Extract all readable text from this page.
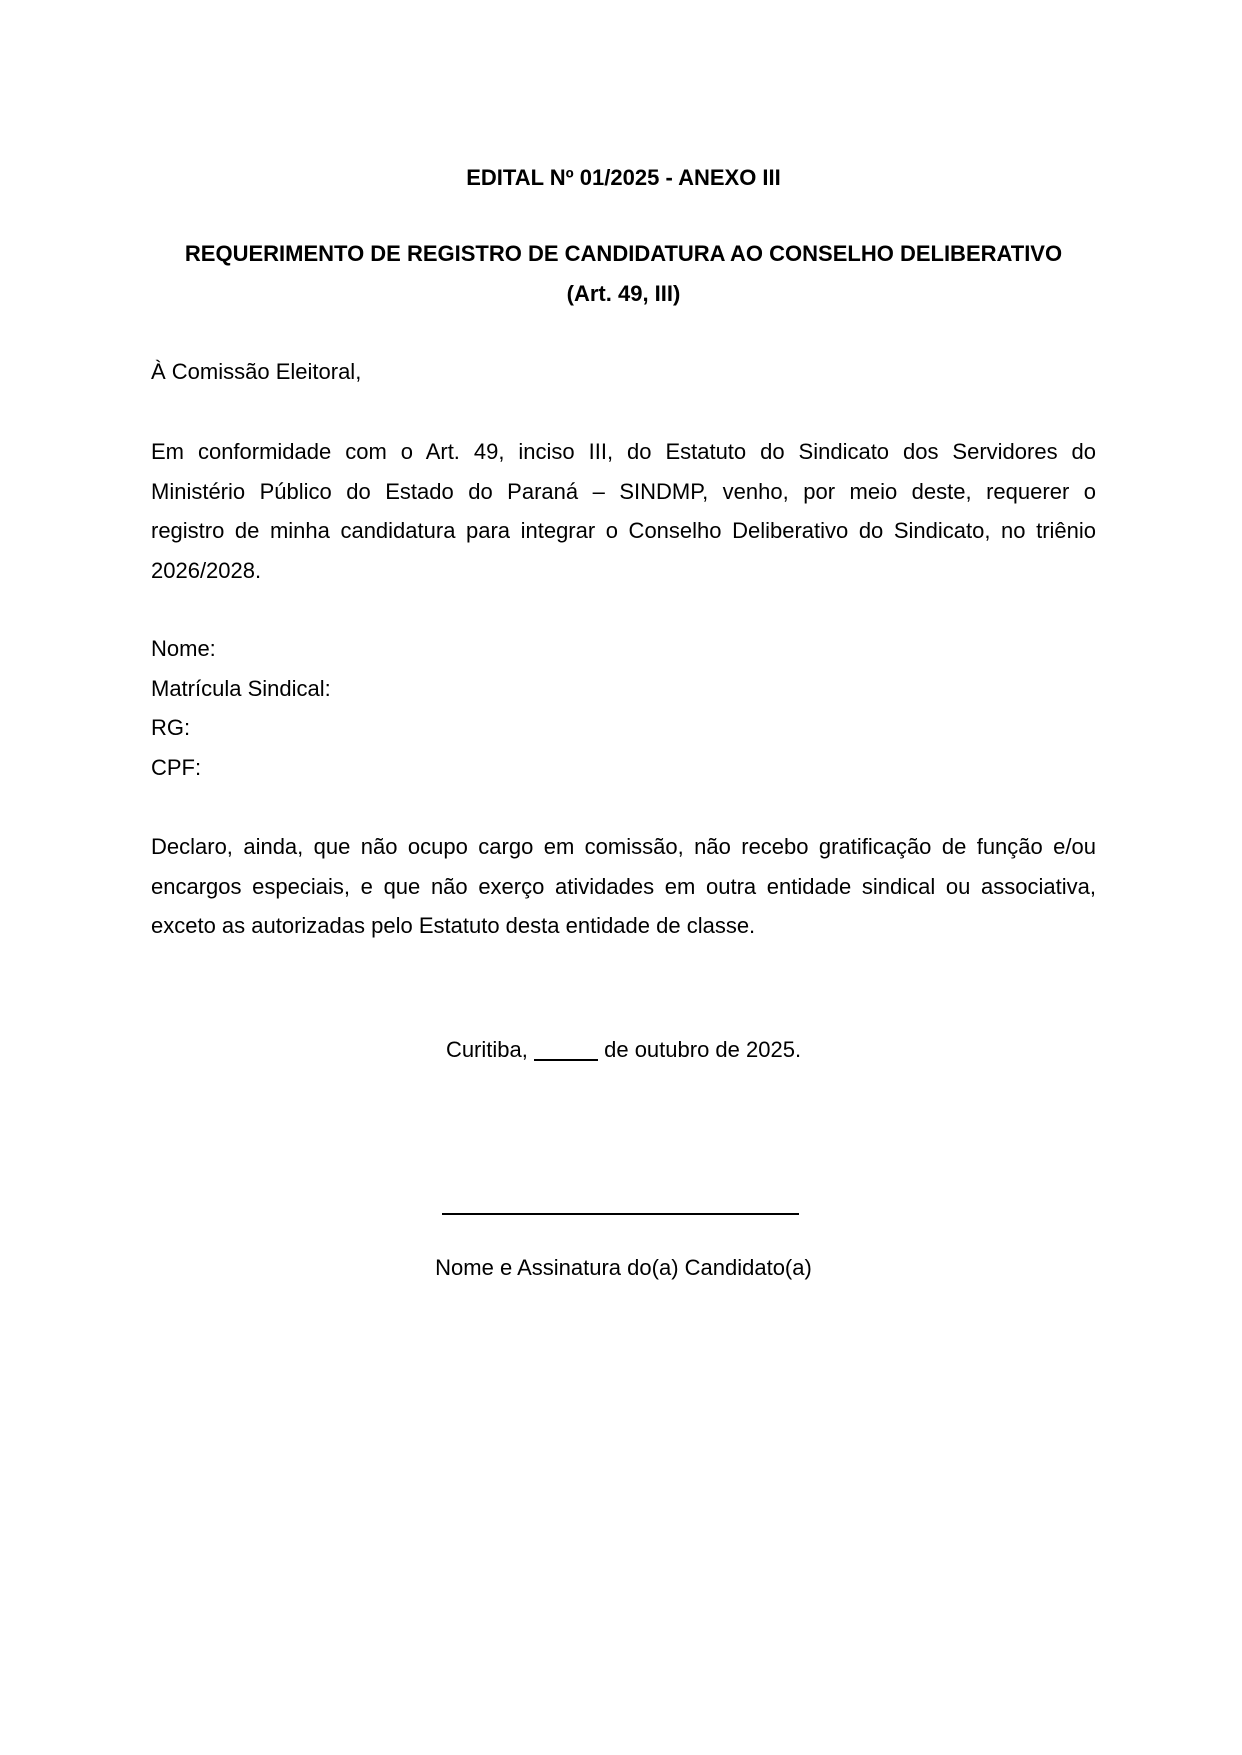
EDITAL Nº 01/2025 - ANEXO III
REQUERIMENTO DE REGISTRO DE CANDIDATURA AO CONSELHO DELIBERATIVO
(Art. 49, III)
À Comissão Eleitoral,
Em conformidade com o Art. 49, inciso III, do Estatuto do Sindicato dos Servidores do
Ministério Público do Estado do Paraná – SINDMP, venho, por meio deste, requerer o
registro de minha candidatura para integrar o Conselho Deliberativo do Sindicato, no triênio
2026/2028.
Nome:
Matrícula Sindical:
RG:
CPF:
Declaro, ainda, que não ocupo cargo em comissão, não recebo gratificação de função e/ou
encargos especiais, e que não exerço atividades em outra entidade sindical ou associativa,
exceto as autorizadas pelo Estatuto desta entidade de classe.
Curitiba,	de outubro de 2025.
Nome e Assinatura do(a) Candidato(a)
